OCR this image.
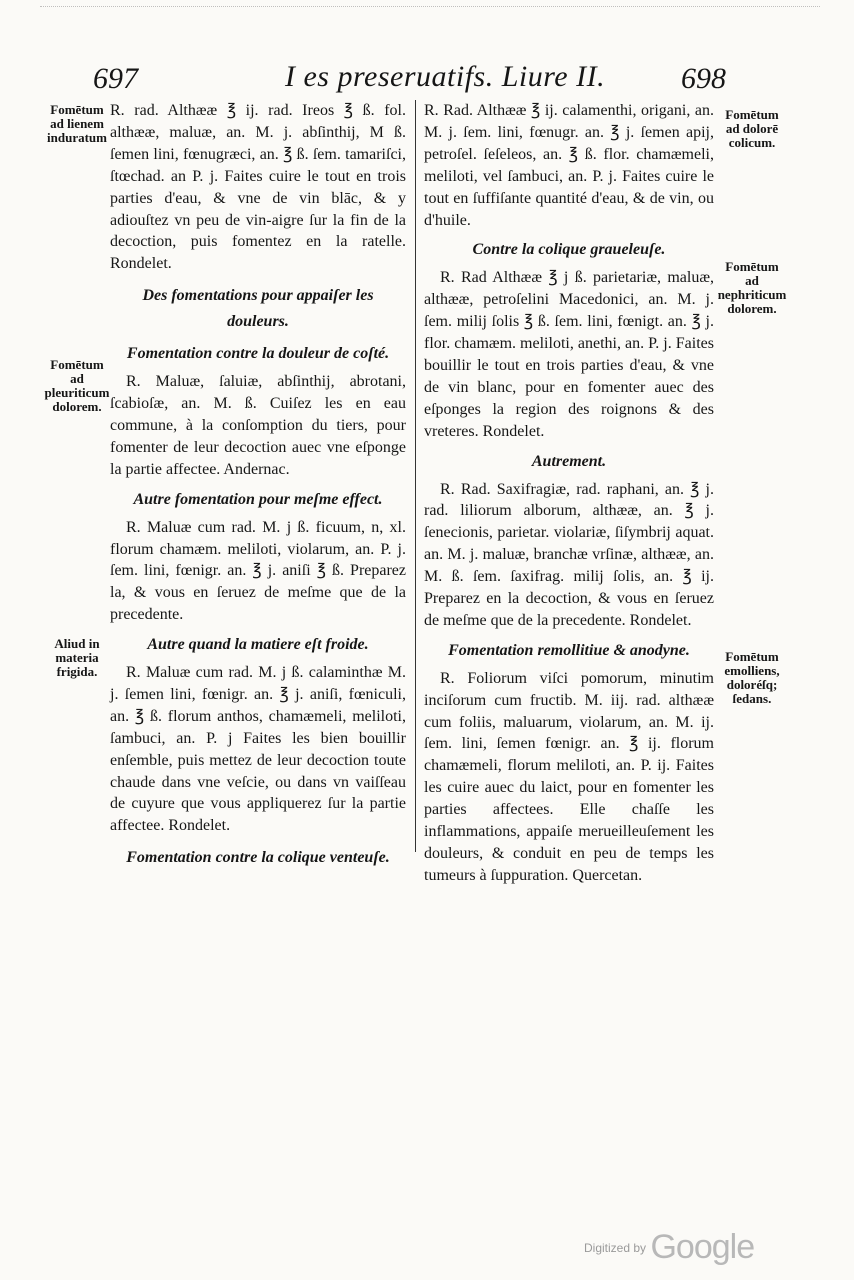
697	I es preseruatifs. Liure II.	698
Fomētum ad lienem induratum
Fomētum ad pleuriticum dolorem.
Aliud in materia frigida.

R. rad. Althææ ℥ ij. rad. Ireos ℥ ß. fol. althææ, maluæ, an. M. j. abſinthij, M ß. ſemen lini, fœnugræci, an. ℥ ß. ſem. tamariſci, ſtœchad. an P. j. Faites cuire le tout en trois parties d'eau, & vne de vin blāc, & y adiouſtez vn peu de vin-aigre ſur la fin de la decoction, puis fomentez en la ratelle. Rondelet.

Des fomentations pour appaiſer les douleurs.

Fomentation contre la douleur de coſté.

R. Maluæ, ſaluiæ, abſinthij, abrotani, ſcabioſæ, an. M. ß. Cuiſez les en eau commune, à la conſomption du tiers, pour fomenter de leur decoction auec vne eſponge la partie affectee. Andernac.

Autre fomentation pour meſme effect.

R. Maluæ cum rad. M. j ß. ficuum, n, xl. florum chamæm. meliloti, violarum, an. P. j. ſem. lini, fœnigr. an. ℥ j. aniſi ℥ ß. Preparez la, & vous en ſeruez de meſme que de la precedente.

Autre quand la matiere eſt froide.

R. Maluæ cum rad. M. j ß. calaminthæ M. j. ſemen lini, fœnigr. an. ℥ j. aniſi, fœniculi, an. ℥ ß. florum anthos, chamæmeli, meliloti, ſambuci, an. P. j Faites les bien bouillir enſemble, puis mettez de leur decoction toute chaude dans vne veſcie, ou dans vn vaiſſeau de cuyure que vous appliquerez ſur la partie affectee. Rondelet.

Fomentation contre la colique venteuſe.

R. Rad. Althææ ℥ ij. calamenthi, origani, an. M. j. ſem. lini, fœnugr. an. ℥ j. ſemen apij, petroſel. ſeſeleos, an. ℥ ß. flor. chamæmeli, meliloti, vel ſambuci, an. P. j. Faites cuire le tout en ſuffiſante quantité d'eau, & de vin, ou d'huile.

Contre la colique graueleuſe.

R. Rad Althææ ℥ j ß. parietariæ, maluæ, althææ, petroſelini Macedonici, an. M. j. ſem. milij ſolis ℥ ß. ſem. lini, fœnigt. an. ℥ j. flor. chamæm. meliloti, anethi, an. P. j. Faites bouillir le tout en trois parties d'eau, & vne de vin blanc, pour en fomenter auec des eſponges la region des roignons & des vreteres. Rondelet.

Autrement.

R. Rad. Saxifragiæ, rad. raphani, an. ℥ j. rad. liliorum alborum, althææ, an. ℥ j. ſenecionis, parietar. violariæ, ſiſymbrij aquat. an. M. j. maluæ, branchæ vrſinæ, althææ, an. M. ß. ſem. ſaxifrag. milij ſolis, an. ℥ ij. Preparez en la decoction, & vous en ſeruez de meſme que de la precedente. Rondelet.

Fomentation remollitiue & anodyne.

R. Foliorum viſci pomorum, minutim inciſorum cum fructib. M. iij. rad. althææ cum foliis, maluarum, violarum, an. M. ij. ſem. lini, ſemen fœnigr. an. ℥ ij. florum chamæmeli, florum meliloti, an. P. ij. Faites les cuire auec du laict, pour en fomenter les parties affectees. Elle chaſſe les inflammations, appaiſe merueilleuſement les douleurs, & conduit en peu de temps les tumeurs à ſuppuration. Quercetan.

Fomētum ad dolorē colicum.
Fomētum ad nephriticum dolorem.
Fomētum emolliens, doloréſq; ſedans.
$^{Digitized by}$ Google
